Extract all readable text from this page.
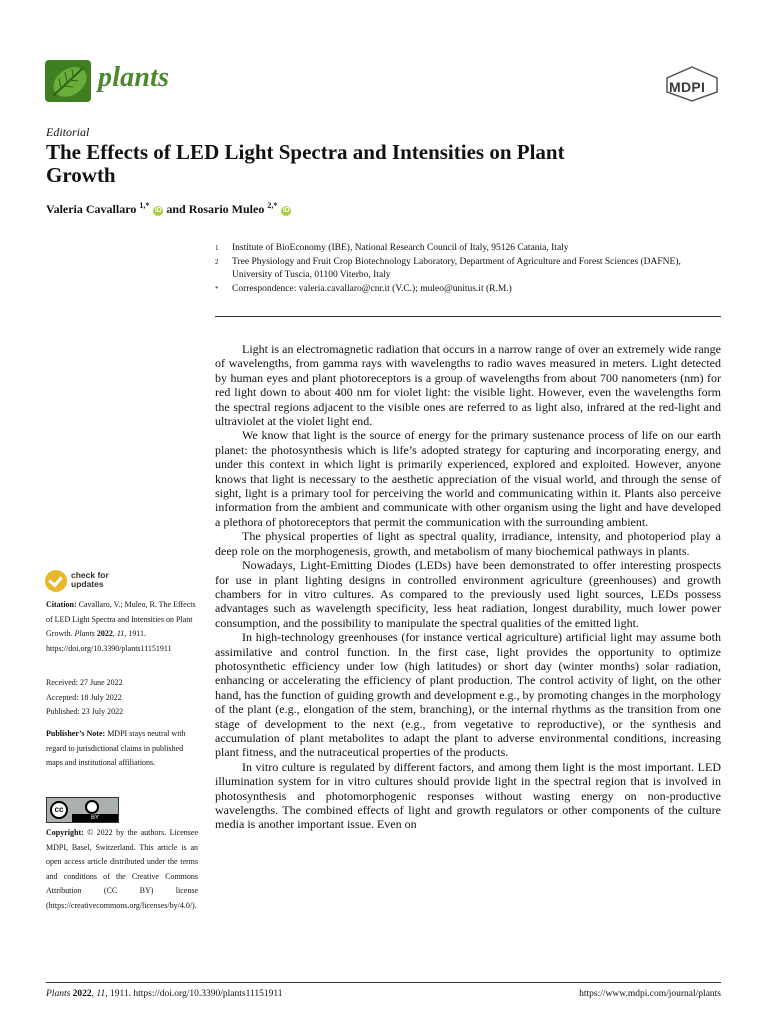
plants	MDPI
Editorial
The Effects of LED Light Spectra and Intensities on Plant Growth
Valeria Cavallaro $^{1,*}$ iD and Rosario Muleo $^{2,*}$ iD
1	Institute of BioEconomy (IBE), National Research Council of Italy, 95126 Catania, Italy
2	Tree Physiology and Fruit Crop Biotechnology Laboratory, Department of Agriculture and Forest Sciences (DAFNE), University of Tuscia, 01100 Viterbo, Italy
*	Correspondence: valeria.cavallaro@cnr.it (V.C.); muleo@unitus.it (R.M.)

Light is an electromagnetic radiation that occurs in a narrow range of over an extremely wide range of wavelengths, from gamma rays with wavelengths to radio waves measured in meters. Light detected by human eyes and plant photoreceptors is a group of wavelengths from about 700 nanometers (nm) for red light down to about 400 nm for violet light: the visible light. However, even the wavelengths form the spectral regions adjacent to the visible ones are referred to as light also, infrared at the red-light and ultraviolet at the violet light end.

We know that light is the source of energy for the primary sustenance process of life on our earth planet: the photosynthesis which is life’s adopted strategy for capturing and incorporating energy, and under this context in which light is primarily experienced, explored and exploited. However, anyone knows that light is necessary to the aesthetic appreciation of the visual world, and through the sense of sight, light is a primary tool for perceiving the world and communicating within it. Plants also perceive information from the ambient and communicate with other organism using the light and have developed a plethora of photoreceptors that permit the communication with the surrounding ambient.

The physical properties of light as spectral quality, irradiance, intensity, and photoperiod play a deep role on the morphogenesis, growth, and metabolism of many biochemical pathways in plants.

Nowadays, Light-Emitting Diodes (LEDs) have been demonstrated to offer interesting prospects for use in plant lighting designs in controlled environment agriculture (greenhouses) and growth chambers for in vitro cultures. As compared to the previously used light sources, LEDs possess advantages such as wavelength specificity, less heat radiation, longest durability, much lower power consumption, and the possibility to manipulate the spectral qualities of the emitted light.

In high-technology greenhouses (for instance vertical agriculture) artificial light may assume both assimilative and control function. In the first case, light provides the opportunity to optimize photosynthetic efficiency under low (high latitudes) or short day (winter months) solar radiation, enhancing or accelerating the efficiency of plant production. The control activity of light, on the other hand, has the function of guiding growth and development e.g., by promoting changes in the morphology of the plant (e.g., elongation of the stem, branching), or the internal rhythms as the transition from one stage of development to the next (e.g., from vegetative to reproductive), or the synthesis and accumulation of plant metabolites to adapt the plant to adverse environmental conditions, increasing plant fitness, and the nutraceutical properties of the products.

In vitro culture is regulated by different factors, and among them light is the most important. LED illumination system for in vitro cultures should provide light in the spectral region that is involved in photosynthesis and photomorphogenic responses without wasting energy on non-productive wavelengths. The combined effects of light and growth regulators or other components of the culture media is another important issue. Even on

check for
updates
Citation: Cavallaro, V.; Muleo, R. The Effects of LED Light Spectra and Intensities on Plant Growth. Plants 2022, 11, 1911. https://doi.org/10.3390/plants11151911
Received: 27 June 2022
Accepted: 18 July 2022
Published: 23 July 2022
Publisher’s Note: MDPI stays neutral with regard to jurisdictional claims in published maps and institutional affiliations.
cc
BY
Copyright: © 2022 by the authors. Licensee MDPI, Basel, Switzerland. This article is an open access article distributed under the terms and conditions of the Creative Commons Attribution (CC BY) license (https://creativecommons.org/licenses/by/4.0/).
Plants 2022, 11, 1911. https://doi.org/10.3390/plants11151911	https://www.mdpi.com/journal/plants
